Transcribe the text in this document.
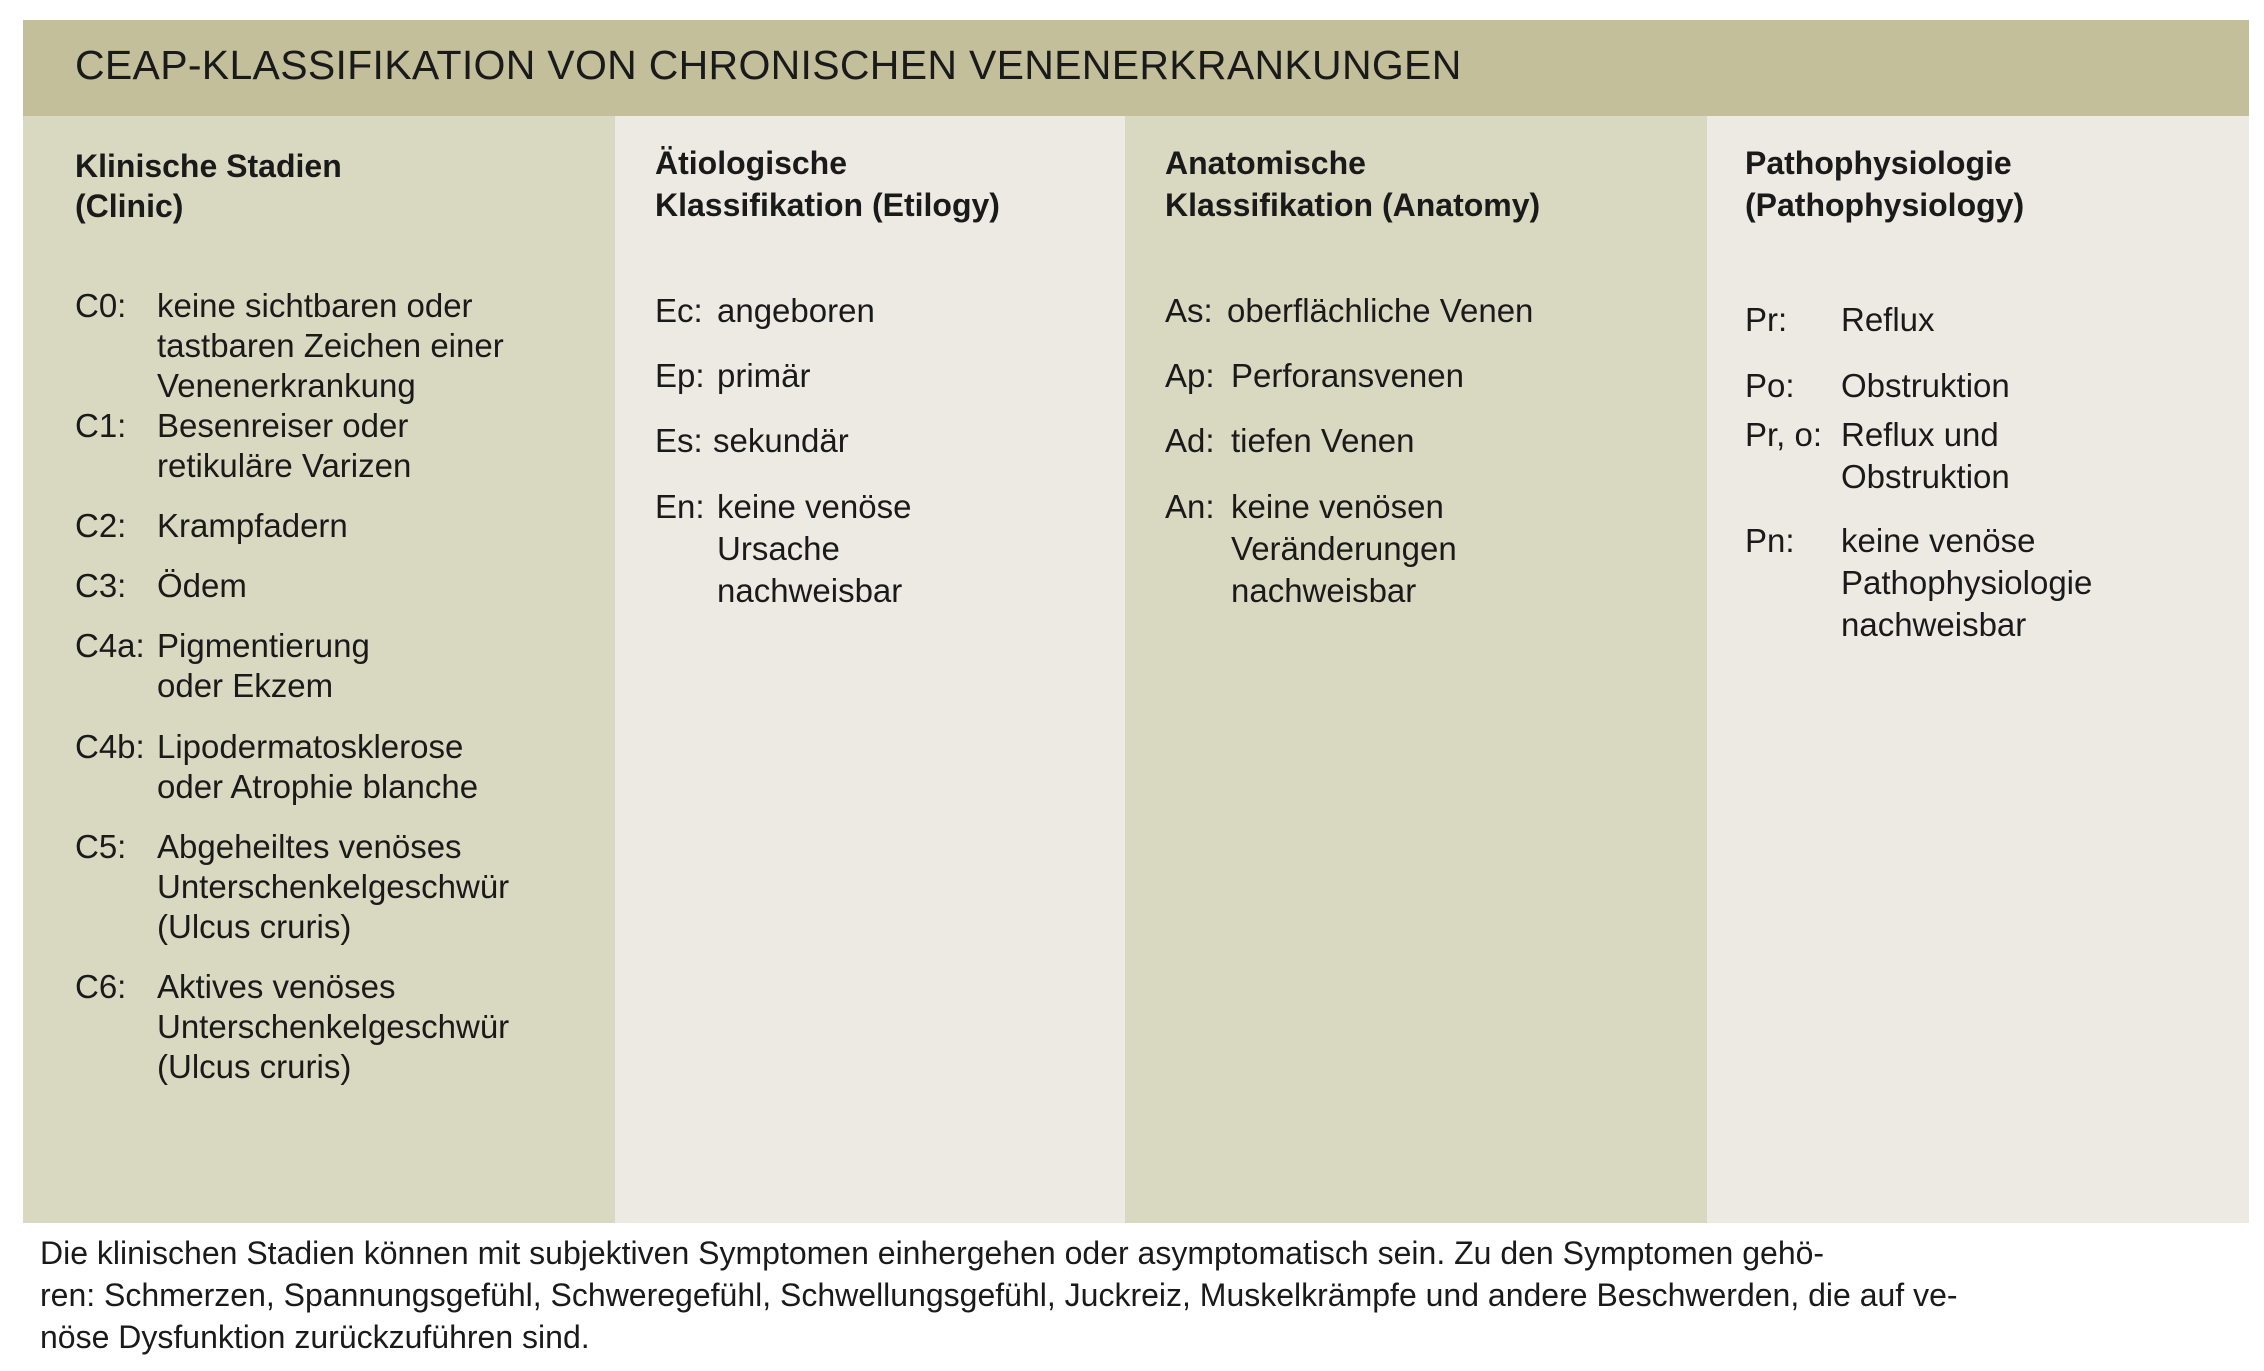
CEAP-KLASSIFIKATION VON CHRONISCHEN VENENERKRANKUNGEN
Klinische Stadien
(Clinic)
C0: keine sichtbaren oder
tastbaren Zeichen einer
Venenerkrankung
C1: Besenreiser oder
retikuläre Varizen
C2: Krampfadern
C3: Ödem
C4a: Pigmentierung
oder Ekzem
C4b: Lipodermatosklerose
oder Atrophie blanche
C5: Abgeheiltes venöses
Unterschenkelgeschwür
(Ulcus cruris)
C6: Aktives venöses
Unterschenkelgeschwür
(Ulcus cruris)
Ätiologische
Klassifikation (Etilogy)
Ec: angeboren
Ep: primär
Es: sekundär
En: keine venöse
Ursache
nachweisbar
Anatomische
Klassifikation (Anatomy)
As: oberflächliche Venen
Ap: Perforansvenen
Ad: tiefen Venen
An: keine venösen
Veränderungen
nachweisbar
Pathophysiologie
(Pathophysiology)
Pr: Reflux
Po: Obstruktion
Pr, o: Reflux und
Obstruktion
Pn: keine venöse
Pathophysiologie
nachweisbar
Die klinischen Stadien können mit subjektiven Symptomen einhergehen oder asymptomatisch sein. Zu den Symptomen gehö-
ren: Schmerzen, Spannungsgefühl, Schweregefühl, Schwellungsgefühl, Juckreiz, Muskelkrämpfe und andere Beschwerden, die auf ve-
nöse Dysfunktion zurückzuführen sind.
